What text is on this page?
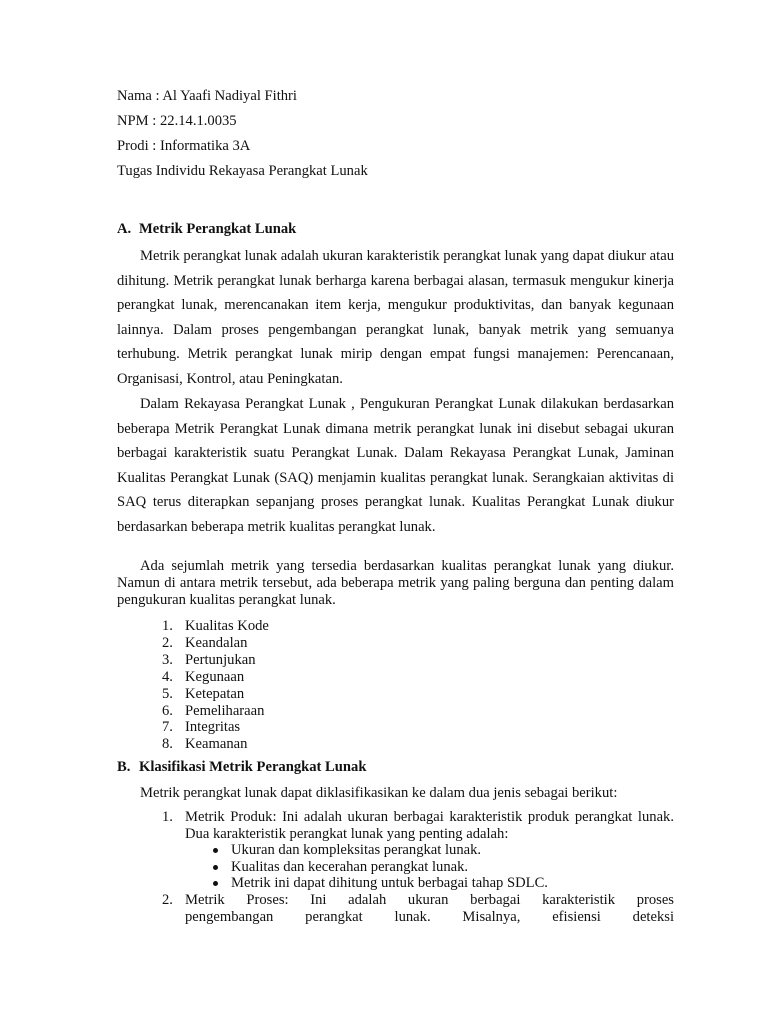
Nama : Al Yaafi Nadiyal Fithri
NPM : 22.14.1.0035
Prodi : Informatika 3A
Tugas Individu Rekayasa Perangkat Lunak
A. Metrik Perangkat Lunak
Metrik perangkat lunak adalah ukuran karakteristik perangkat lunak yang dapat diukur atau dihitung. Metrik perangkat lunak berharga karena berbagai alasan, termasuk mengukur kinerja perangkat lunak, merencanakan item kerja, mengukur produktivitas, dan banyak kegunaan lainnya. Dalam proses pengembangan perangkat lunak, banyak metrik yang semuanya terhubung. Metrik perangkat lunak mirip dengan empat fungsi manajemen: Perencanaan, Organisasi, Kontrol, atau Peningkatan.
Dalam Rekayasa Perangkat Lunak , Pengukuran Perangkat Lunak dilakukan berdasarkan beberapa Metrik Perangkat Lunak dimana metrik perangkat lunak ini disebut sebagai ukuran berbagai karakteristik suatu Perangkat Lunak. Dalam Rekayasa Perangkat Lunak, Jaminan Kualitas Perangkat Lunak (SAQ) menjamin kualitas perangkat lunak. Serangkaian aktivitas di SAQ terus diterapkan sepanjang proses perangkat lunak. Kualitas Perangkat Lunak diukur berdasarkan beberapa metrik kualitas perangkat lunak.
Ada sejumlah metrik yang tersedia berdasarkan kualitas perangkat lunak yang diukur. Namun di antara metrik tersebut, ada beberapa metrik yang paling berguna dan penting dalam pengukuran kualitas perangkat lunak.
1. Kualitas Kode
2. Keandalan
3. Pertunjukan
4. Kegunaan
5. Ketepatan
6. Pemeliharaan
7. Integritas
8. Keamanan
B. Klasifikasi Metrik Perangkat Lunak
Metrik perangkat lunak dapat diklasifikasikan ke dalam dua jenis sebagai berikut:
1. Metrik Produk: Ini adalah ukuran berbagai karakteristik produk perangkat lunak. Dua karakteristik perangkat lunak yang penting adalah:
Ukuran dan kompleksitas perangkat lunak.
Kualitas dan kecerahan perangkat lunak.
Metrik ini dapat dihitung untuk berbagai tahap SDLC.
2. Metrik Proses: Ini adalah ukuran berbagai karakteristik proses
pengembangan perangkat lunak. Misalnya, efisiensi deteksi
